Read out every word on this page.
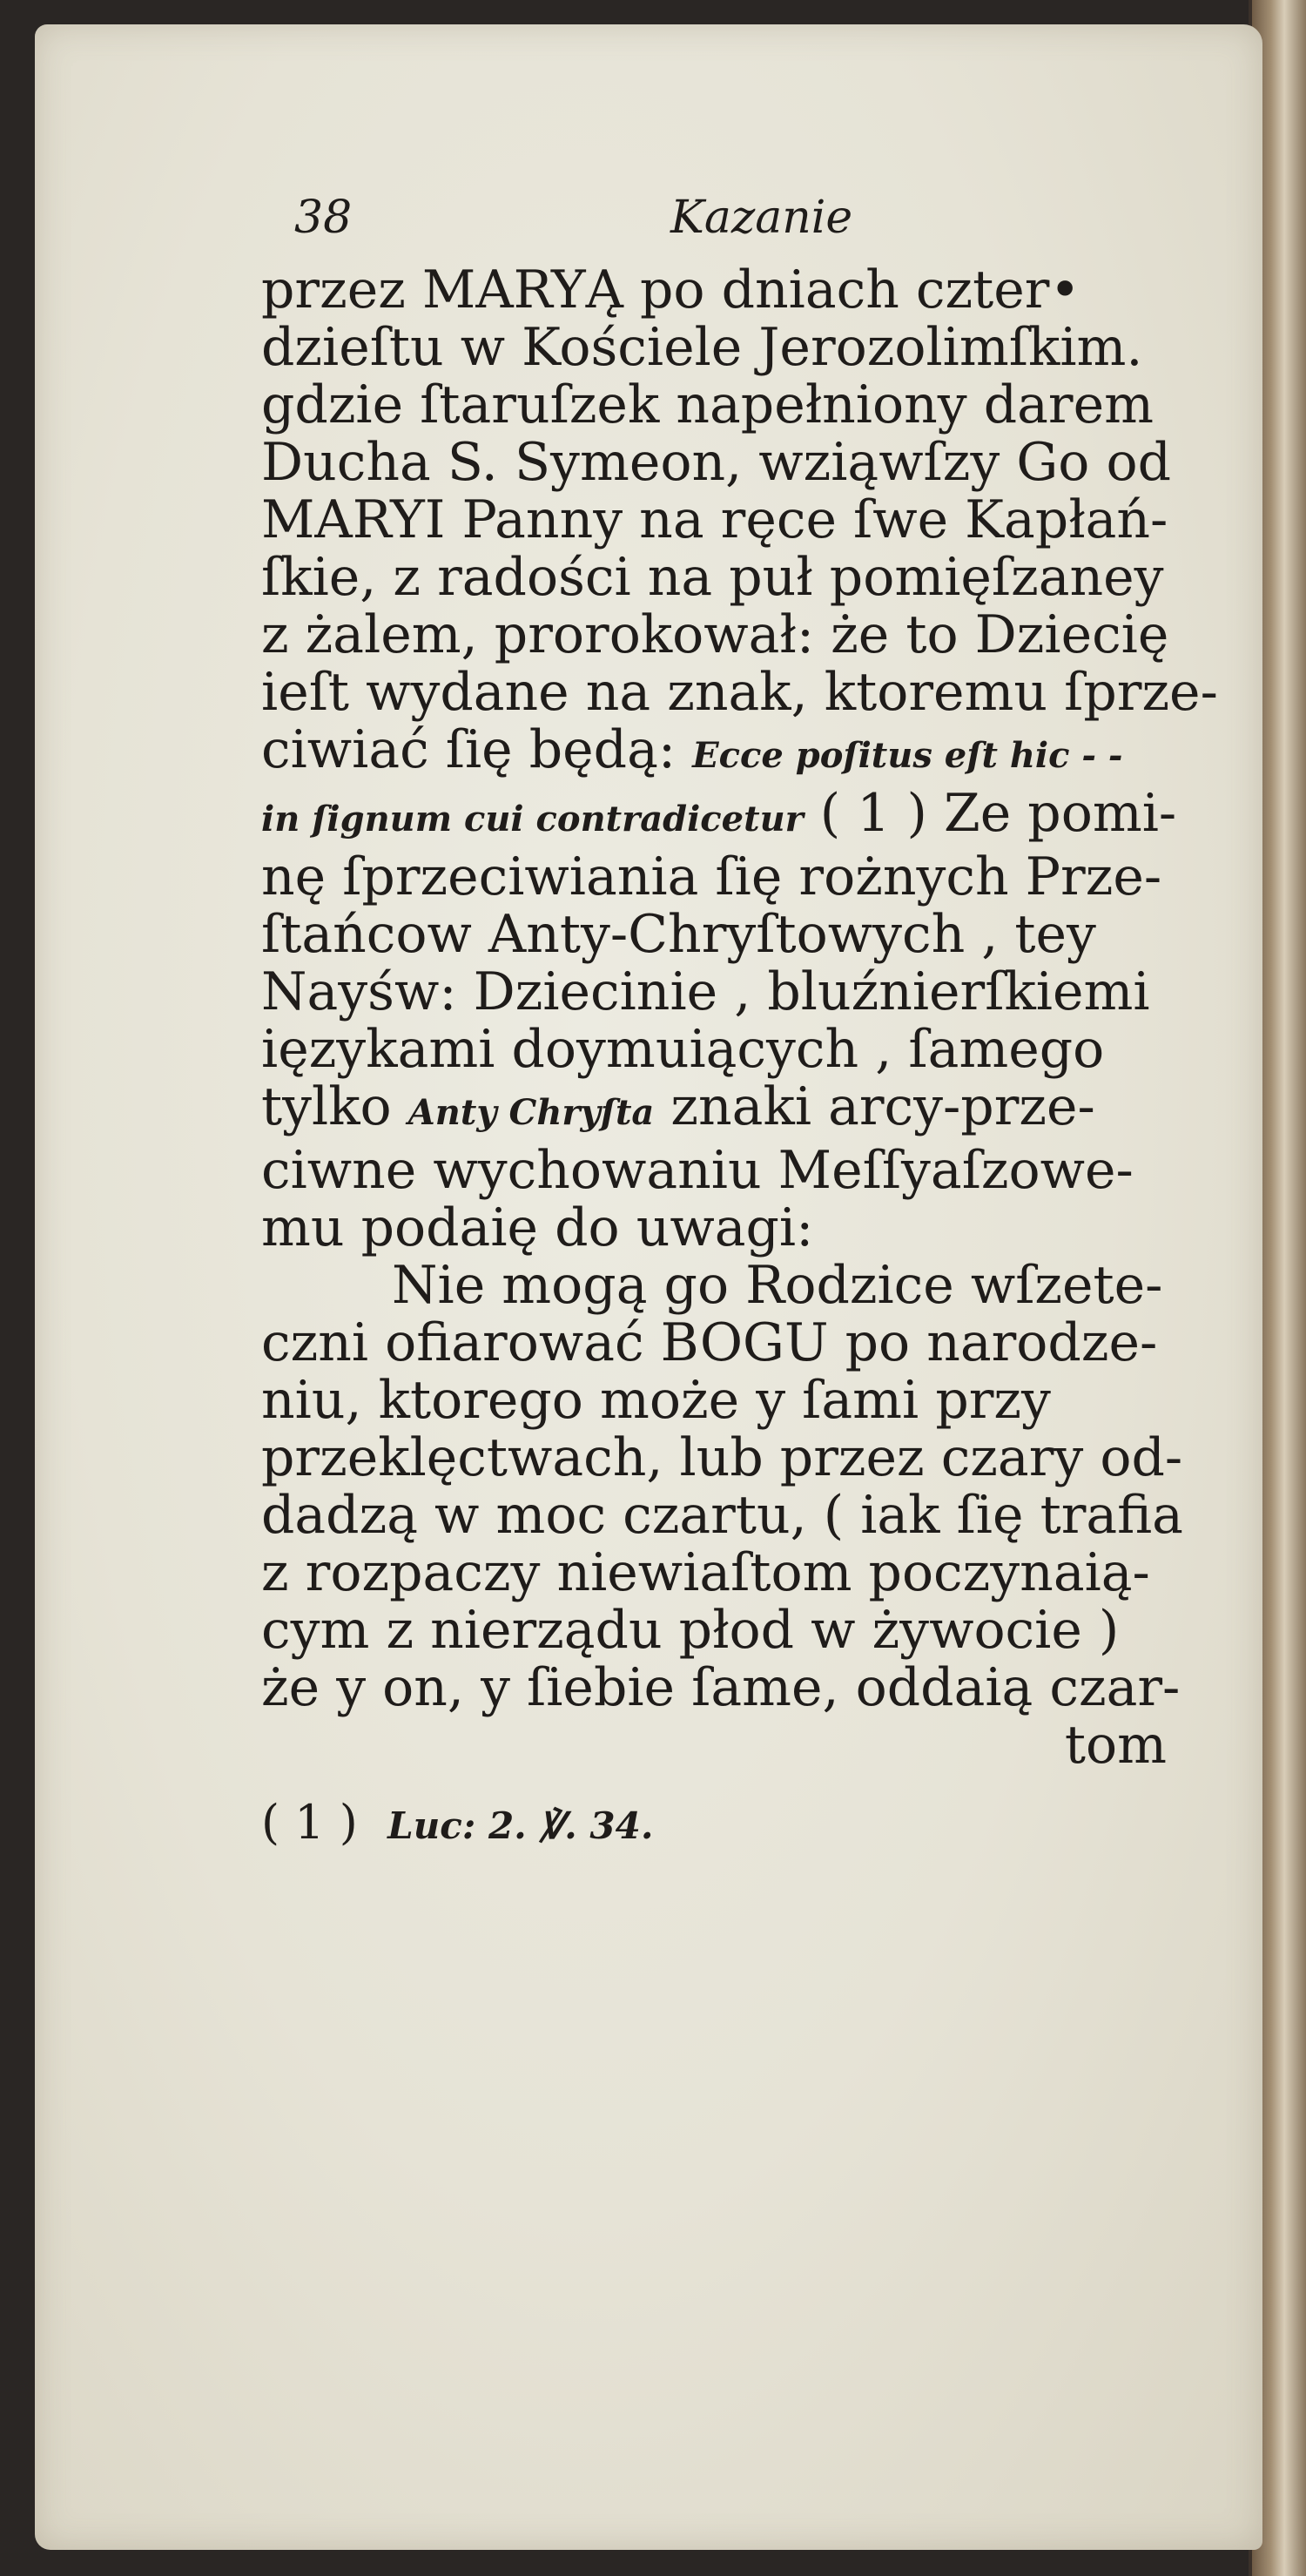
38	Kazanie

przez MARYĄ po dniach czter•

dzieſtu w Kościele Jerozolimſkim.

gdzie ſtaruſzek napełniony darem

Ducha S. Symeon, wziąwſzy Go od

MARYI Panny na ręce ſwe Kapłań-

ſkie, z radości na puł pomięſzaney

z żalem, prorokował: że to Dziecię

ieſt wydane na znak, ktoremu ſprze-

ciwiać ſię będą: Ecce poſitus eſt hic - -

in ſignum cui contradicetur ( 1 ) Ze pomi-

nę ſprzeciwiania ſię rożnych Prze-

ſtańcow Anty-Chryſtowych , tey

Nayśw: Dziecinie , bluźnierſkiemi

ięzykami doymuiących , ſamego

tylko Anty Chryſta znaki arcy-prze-

ciwne wychowaniu Meſſyaſzowe-

mu podaię do uwagi:

Nie mogą go Rodzice wſzete-

czni ofiarować BOGU po narodze-

niu, ktorego może y ſami przy

przeklęctwach, lub przez czary od-

dadzą w moc czartu, ( iak ſię trafia

z rozpaczy niewiaſtom poczynaią-

cym z nierządu płod w żywocie )

że y on, y ſiebie ſame, oddaią czar-

tom

( 1 ) Luc: 2. ℣. 34.
